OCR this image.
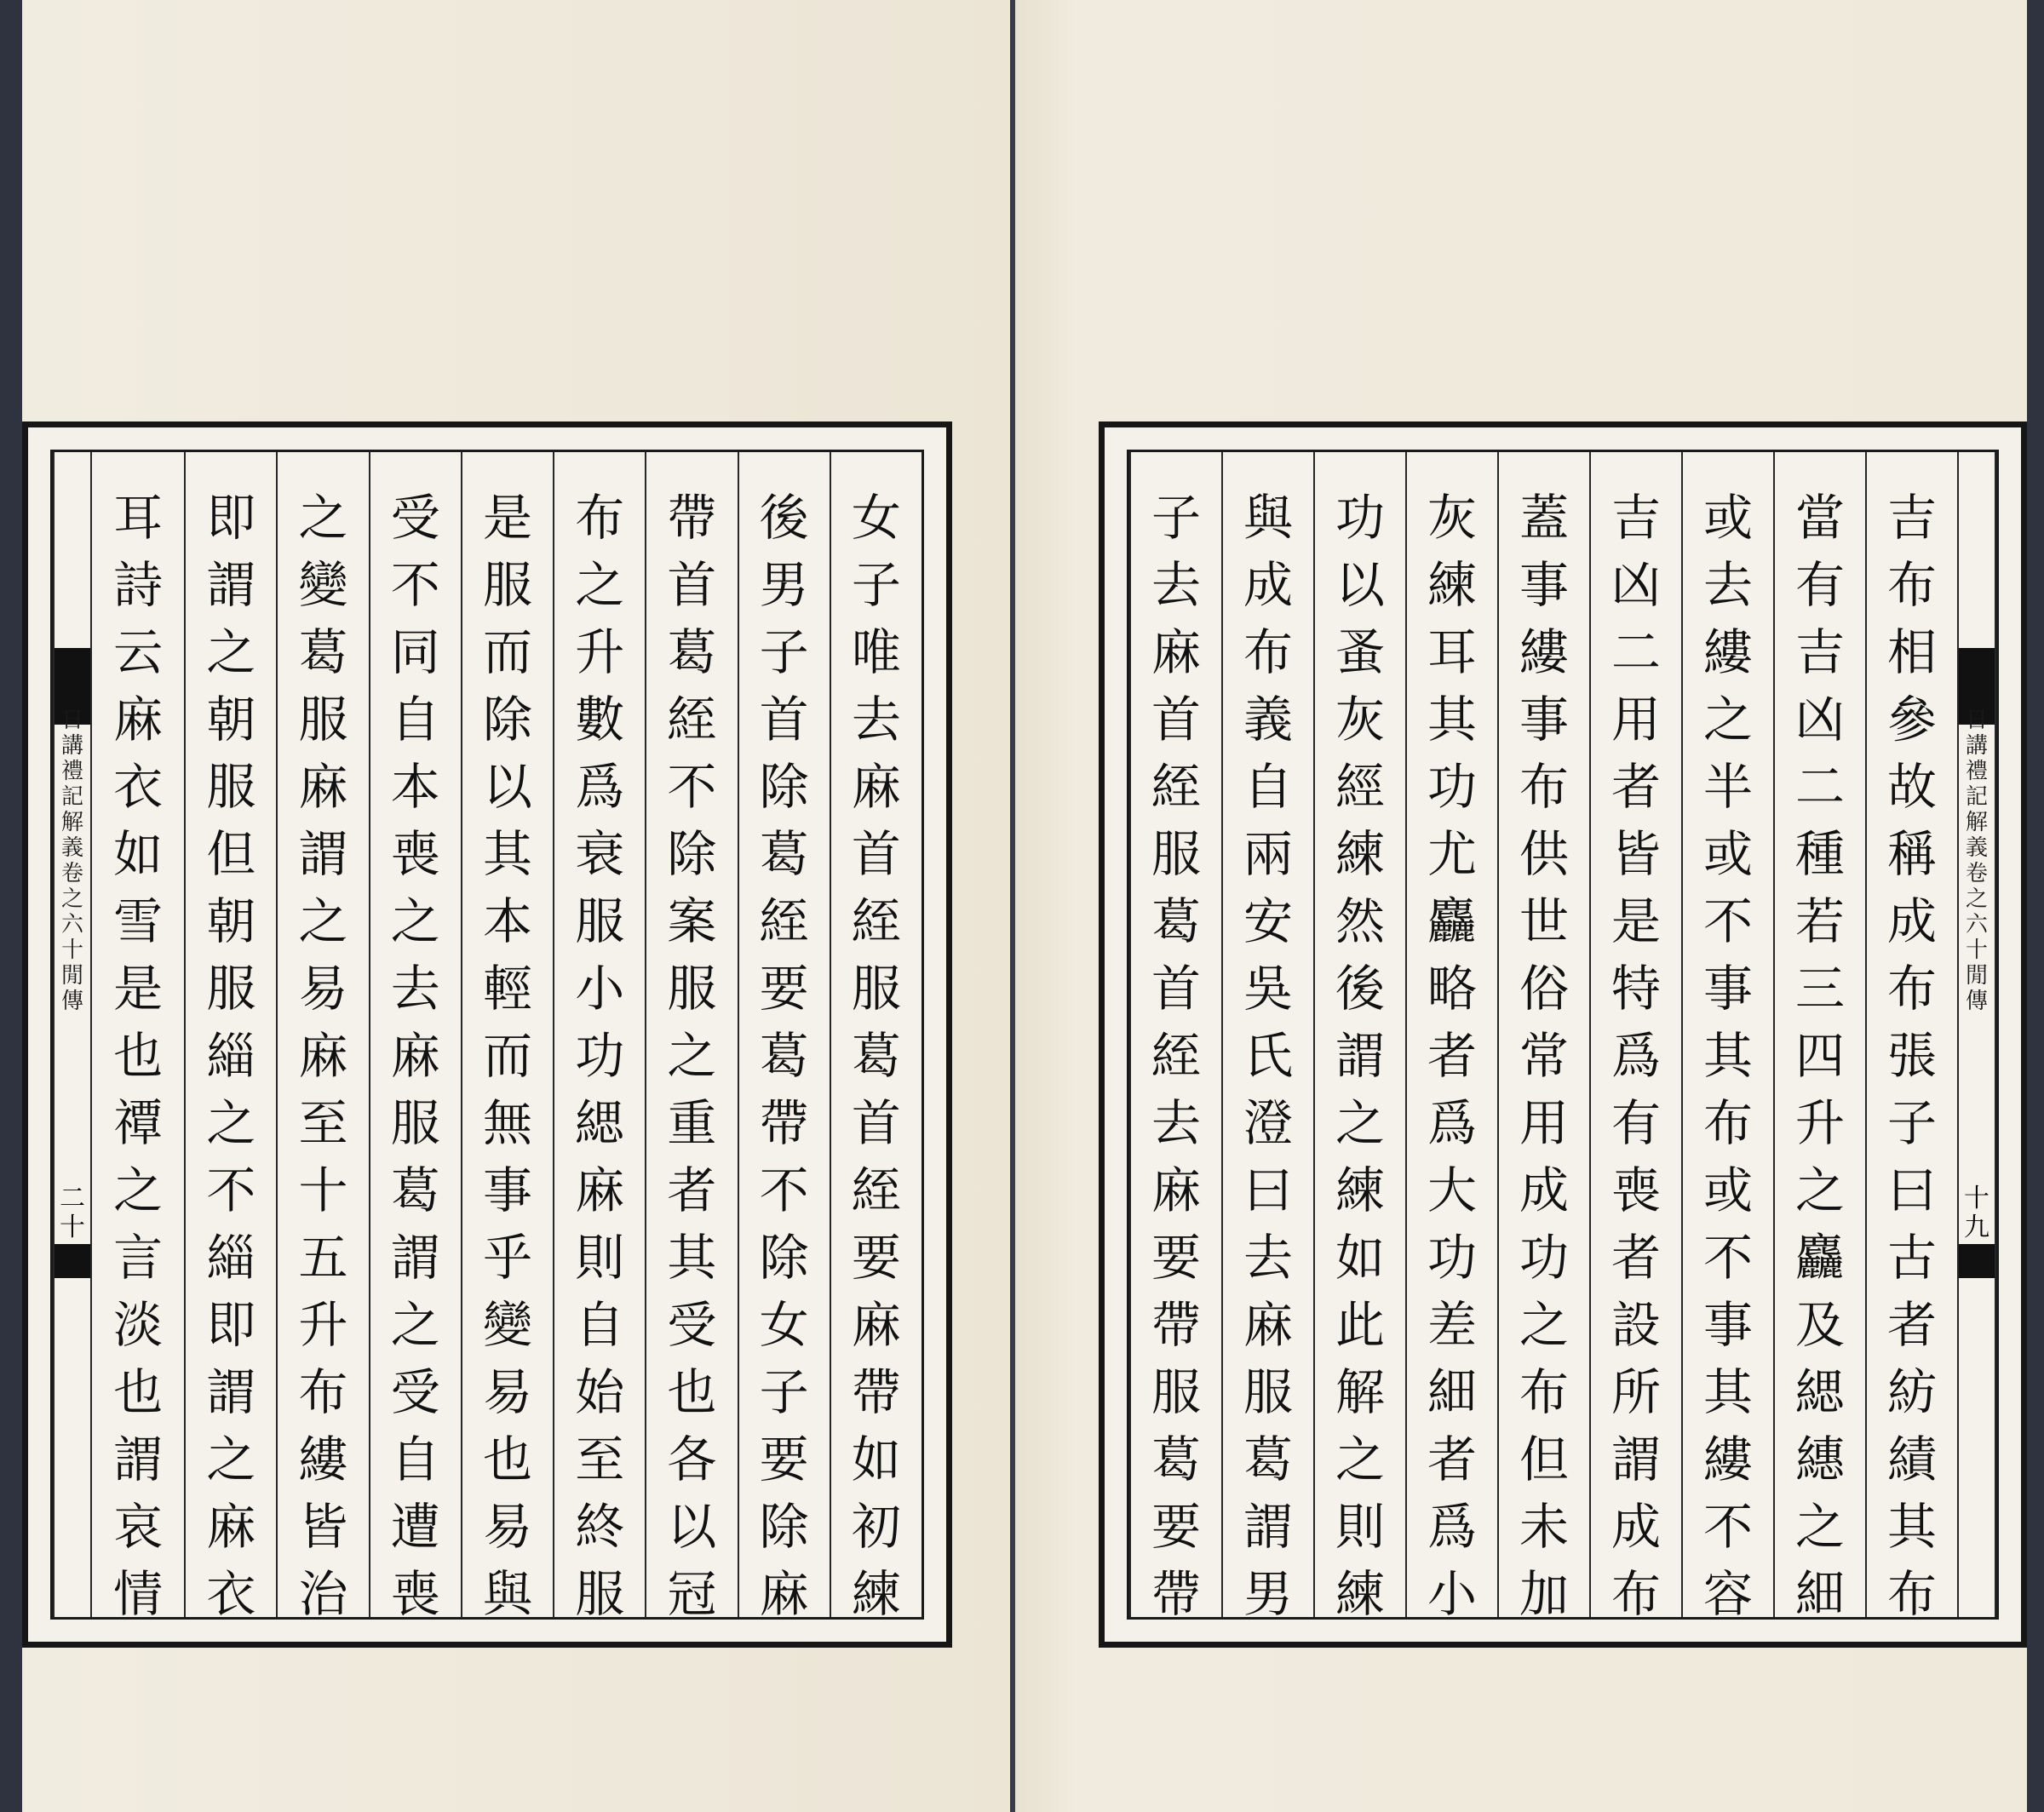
日
講
禮
記
解
義
卷
之
六
十
閒
傳
二
十
女
子
唯
去
麻
首
絰
服
葛
首
絰
要
麻
帶
如
初
練
後
男
子
首
除
葛
絰
要
葛
帶
不
除
女
子
要
除
麻
帶
首
葛
絰
不
除
案
服
之
重
者
其
受
也
各
以
冠
布
之
升
數
爲
衰
服
小
功
緦
麻
則
自
始
至
終
服
是
服
而
除
以
其
本
輕
而
無
事
乎
變
易
也
易
與
受
不
同
自
本
喪
之
去
麻
服
葛
謂
之
受
自
遭
喪
之
變
葛
服
麻
謂
之
易
麻
至
十
五
升
布
縷
皆
治
即
謂
之
朝
服
但
朝
服
緇
之
不
緇
即
謂
之
麻
衣
耳
詩
云
麻
衣
如
雪
是
也
禫
之
言
淡
也
謂
哀
情
日
講
禮
記
解
義
卷
之
六
十
閒
傳
十
九
吉
布
相
參
故
稱
成
布
張
子
曰
古
者
紡
績
其
布
當
有
吉
凶
二
種
若
三
四
升
之
麤
及
緦
繐
之
細
或
去
縷
之
半
或
不
事
其
布
或
不
事
其
縷
不
容
吉
凶
二
用
者
皆
是
特
爲
有
喪
者
設
所
謂
成
布
蓋
事
縷
事
布
供
世
俗
常
用
成
功
之
布
但
未
加
灰
練
耳
其
功
尤
麤
略
者
爲
大
功
差
細
者
爲
小
功
以
蚤
灰
經
練
然
後
謂
之
練
如
此
解
之
則
練
與
成
布
義
自
兩
安
吳
氏
澄
曰
去
麻
服
葛
謂
男
子
去
麻
首
絰
服
葛
首
絰
去
麻
要
帶
服
葛
要
帶
